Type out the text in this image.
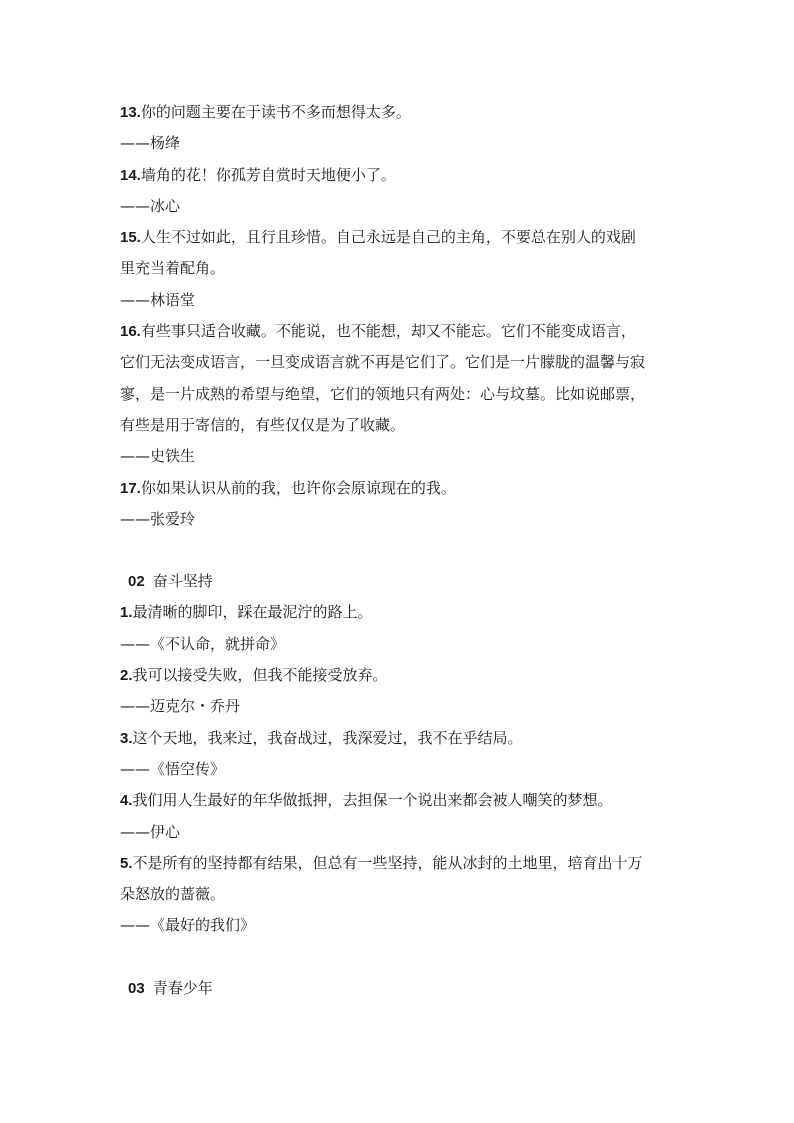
13.你的问题主要在于读书不多而想得太多。
——杨绛
14.墙角的花！你孤芳自赏时天地便小了。
——冰心
15.人生不过如此，且行且珍惜。自己永远是自己的主角，不要总在别人的戏剧
里充当着配角。
——林语堂
16.有些事只适合收藏。不能说，也不能想，却又不能忘。它们不能变成语言，
它们无法变成语言，一旦变成语言就不再是它们了。它们是一片朦胧的温馨与寂
寥，是一片成熟的希望与绝望，它们的领地只有两处：心与坟墓。比如说邮票，
有些是用于寄信的，有些仅仅是为了收藏。
——史铁生
17.你如果认识从前的我，也许你会原谅现在的我。
——张爱玲
02 奋斗坚持
1.最清晰的脚印，踩在最泥泞的路上。
——《不认命，就拼命》
2.我可以接受失败，但我不能接受放弃。
——迈克尔・乔丹
3.这个天地，我来过，我奋战过，我深爱过，我不在乎结局。
——《悟空传》
4.我们用人生最好的年华做抵押，去担保一个说出来都会被人嘲笑的梦想。
——伊心
5.不是所有的坚持都有结果，但总有一些坚持，能从冰封的土地里，培育出十万
朵怒放的蔷薇。
——《最好的我们》
03 青春少年
